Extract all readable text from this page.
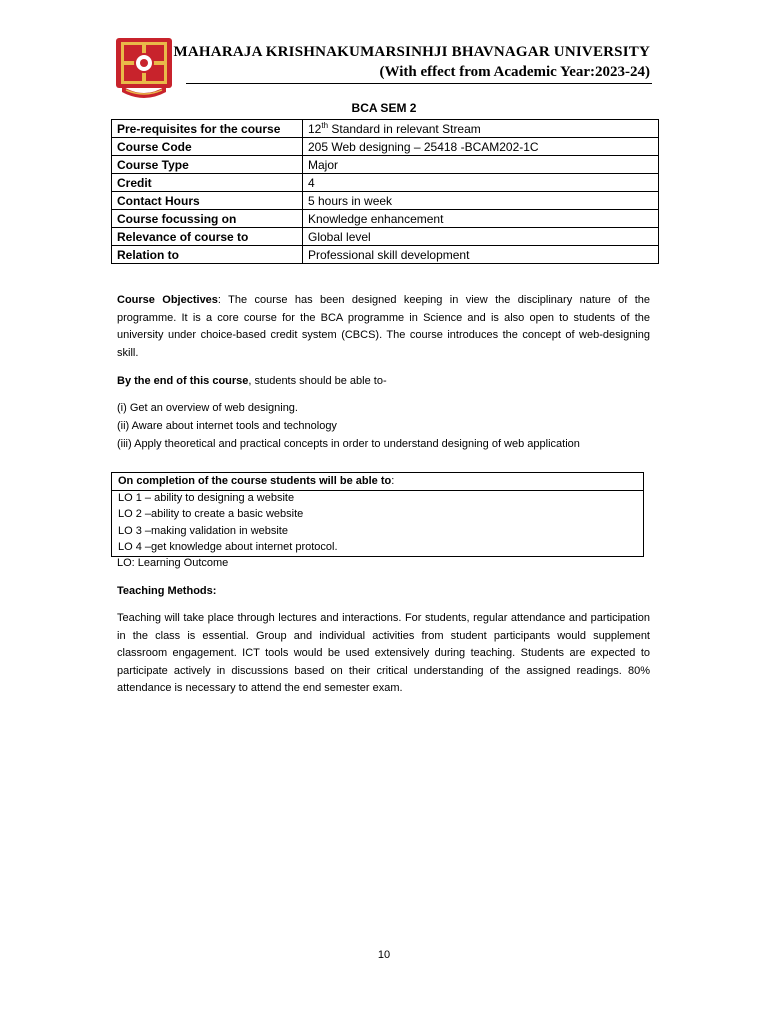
MAHARAJA KRISHNAKUMARSINHJI BHAVNAGAR UNIVERSITY
(With effect from Academic Year:2023-24)
BCA SEM 2
Pre-requisites for the course	12th Standard in relevant Stream
Course Code	205 Web designing – 25418 -BCAM202-1C
Course Type	Major
Credit	4
Contact Hours	5 hours in week
Course focussing on	Knowledge enhancement
Relevance of course to	Global level
Relation to	Professional skill development
Course Objectives: The course has been designed keeping in view the disciplinary nature of the programme. It is a core course for the BCA programme in Science and is also open to students of the university under choice-based credit system (CBCS). The course introduces the concept of web-designing skill.
By the end of this course, students should be able to-
(i) Get an overview of web designing.
(ii) Aware about internet tools and technology
(iii) Apply theoretical and practical concepts in order to understand designing of web application
On completion of the course students will be able to:
LO 1 – ability to designing a website
LO 2 –ability to create a basic website
LO 3 –making validation in website
LO 4 –get knowledge about internet protocol.
LO: Learning Outcome
Teaching Methods:
Teaching will take place through lectures and interactions. For students, regular attendance and participation in the class is essential. Group and individual activities from student participants would supplement classroom engagement. ICT tools would be used extensively during teaching. Students are expected to participate actively in discussions based on their critical understanding of the assigned readings. 80% attendance is necessary to attend the end semester exam.
10
